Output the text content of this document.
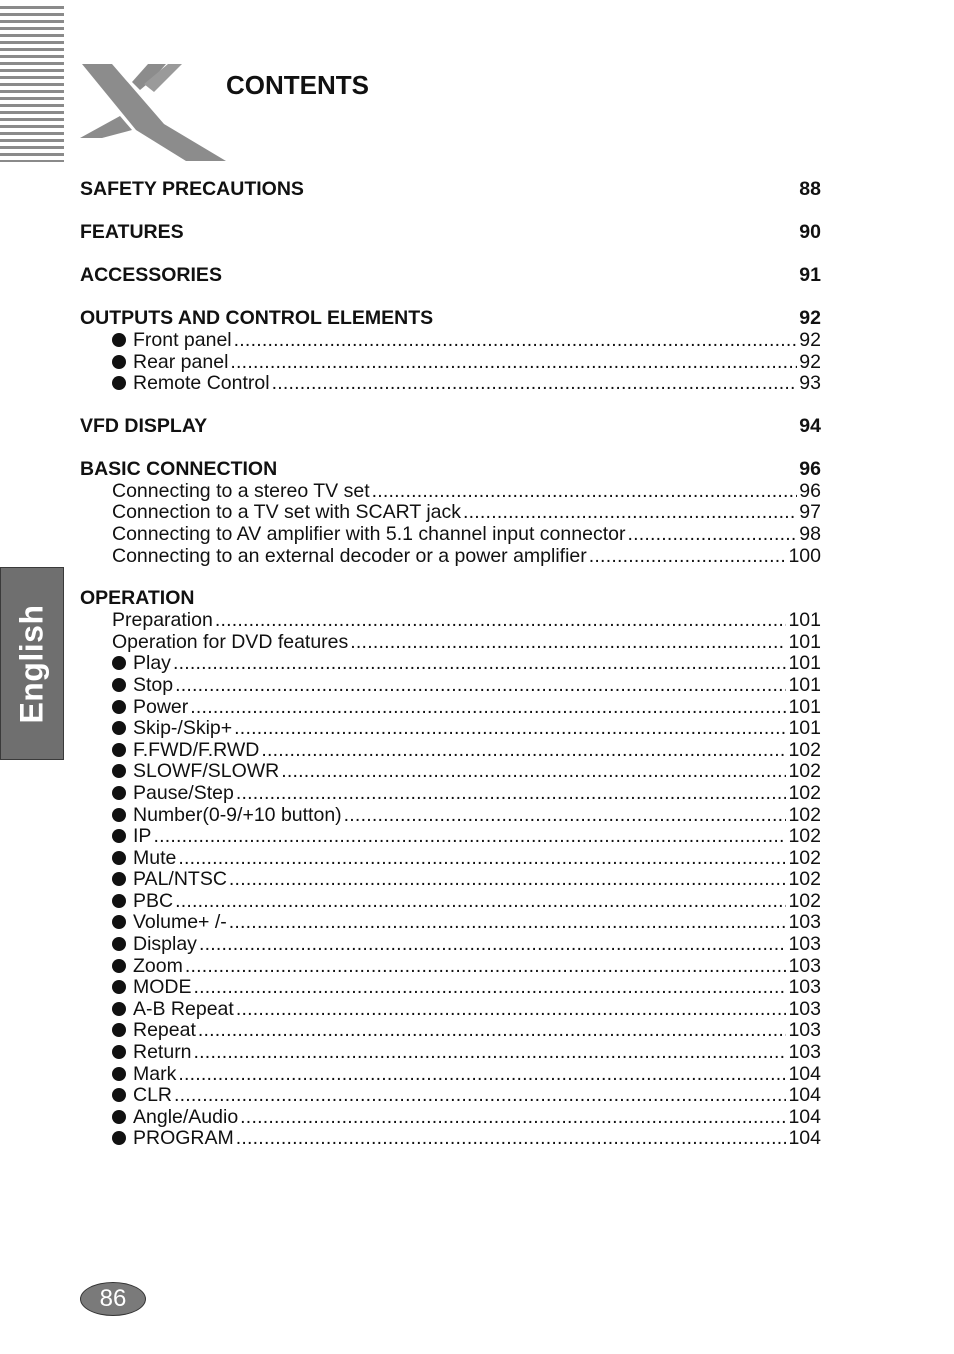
English
CONTENTS
SAFETY PRECAUTIONS	88
FEATURES	90
ACCESSORIES	91
OUTPUTS AND CONTROL ELEMENTS	92
Front panel . . .	92
Rear panel . . .	92
Remote Control . . .	93
VFD DISPLAY	94
BASIC CONNECTION	96
Connecting to a stereo TV set . . .	96
Connection to a TV set with SCART jack . . .	97
Connecting to AV amplifier with 5.1 channel input connector . . .	98
Connecting to an external decoder or a power amplifier . . .	100
OPERATION
Preparation . . .	101
Operation for DVD features . . .	101
Play . . .	101
Stop . . .	101
Power . . .	101
Skip-/Skip+ . . .	101
F.FWD/F.RWD . . .	102
SLOWF/SLOWR . . .	102
Pause/Step . . .	102
Number(0-9/+10 button) . . .	102
IP . . .	102
Mute . . .	102
PAL/NTSC . . .	102
PBC . . .	102
Volume+ /- . . .	103
Display . . .	103
Zoom . . .	103
MODE . . .	103
A-B Repeat . . .	103
Repeat . . .	103
Return . . .	103
Mark . . .	104
CLR . . .	104
Angle/Audio . . .	104
PROGRAM . . .	104
86
